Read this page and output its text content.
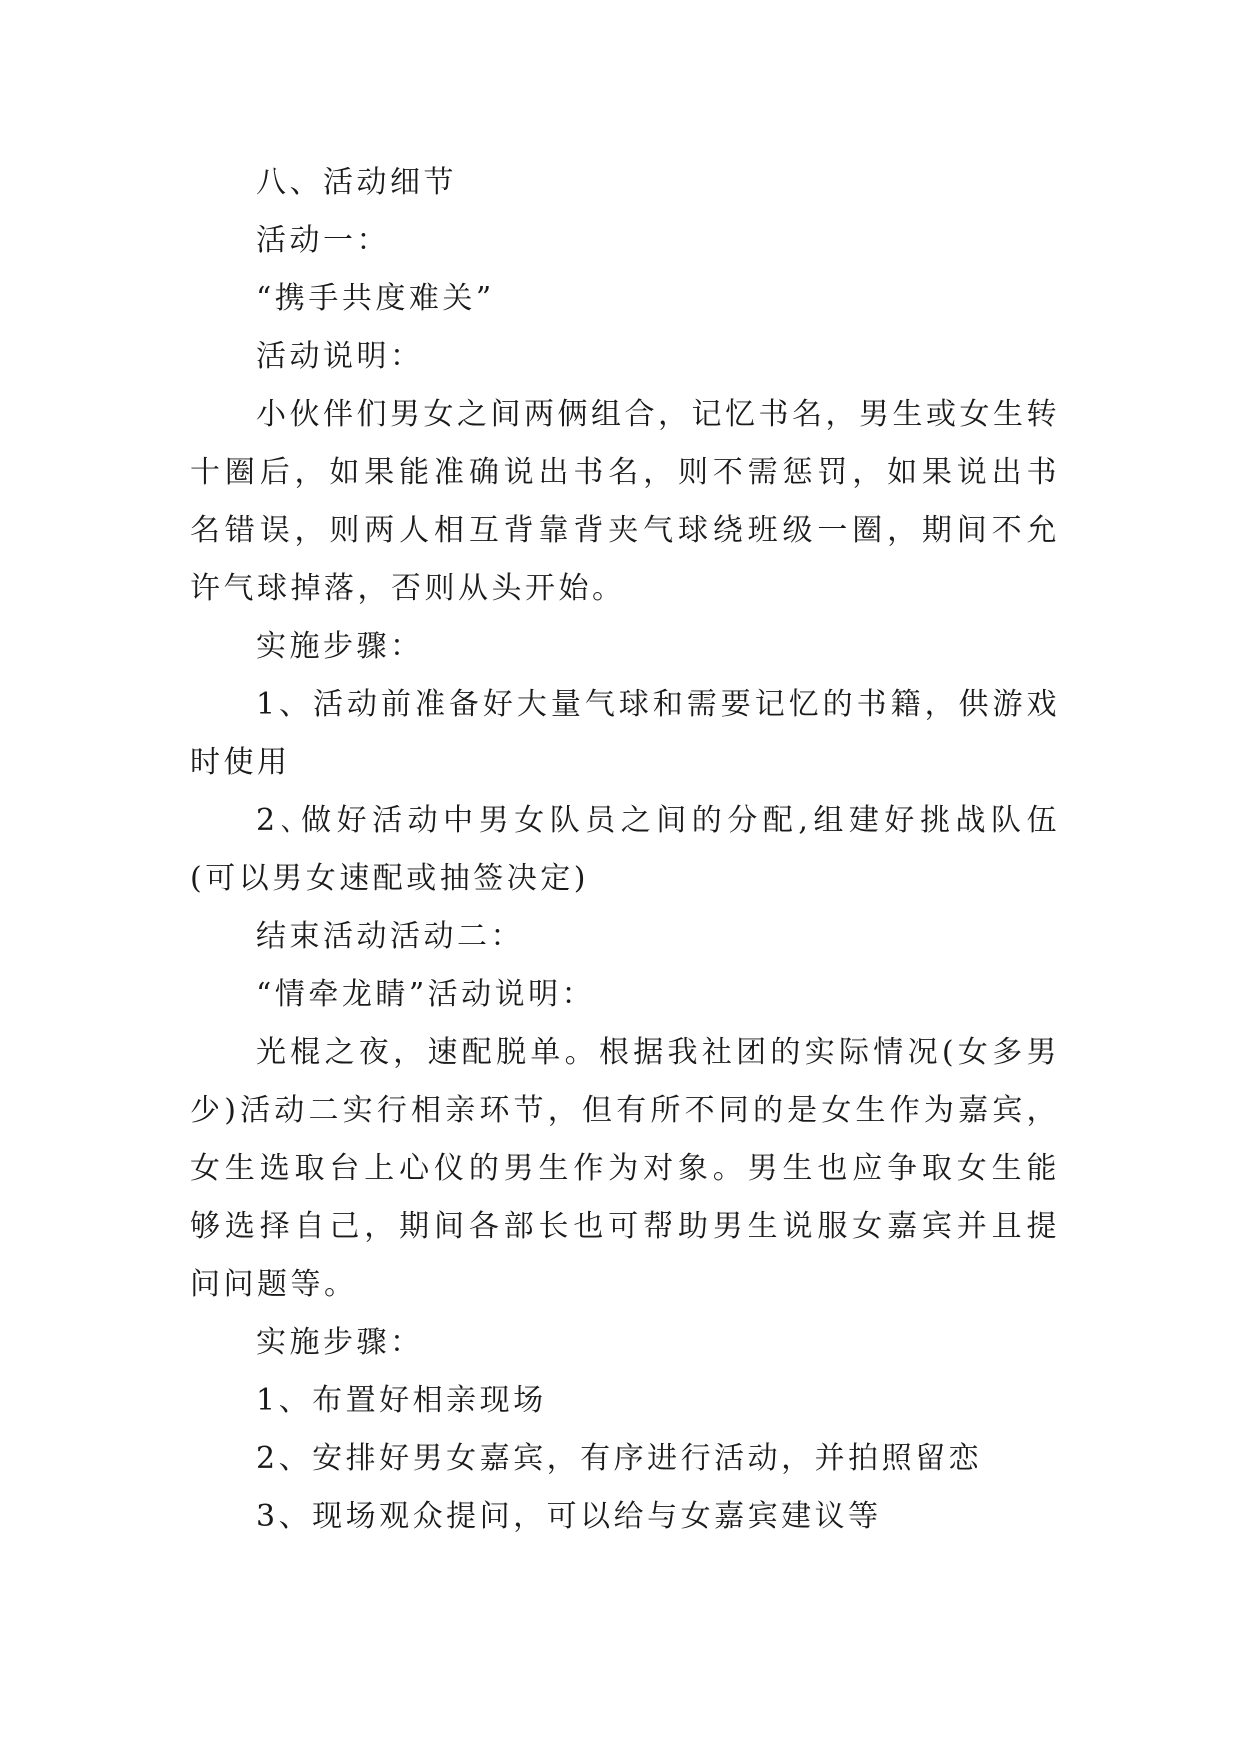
八、活动细节

活动一：

“携手共度难关”

活动说明：

小伙伴们男女之间两俩组合，记忆书名，男生或女生转十圈后，如果能准确说出书名，则不需惩罚，如果说出书名错误，则两人相互背靠背夹气球绕班级一圈，期间不允许气球掉落，否则从头开始。

实施步骤：

1、活动前准备好大量气球和需要记忆的书籍，供游戏时使用

2､做好活动中男女队员之间的分配,组建好挑战队伍(可以男女速配或抽签决定)

结束活动活动二：

“情牵龙睛”活动说明：

光棍之夜，速配脱单。根据我社团的实际情况(女多男少)活动二实行相亲环节，但有所不同的是女生作为嘉宾，女生选取台上心仪的男生作为对象。男生也应争取女生能够选择自己，期间各部长也可帮助男生说服女嘉宾并且提问问题等。

实施步骤：

1、布置好相亲现场

2、安排好男女嘉宾，有序进行活动，并拍照留恋

3、现场观众提问，可以给与女嘉宾建议等
